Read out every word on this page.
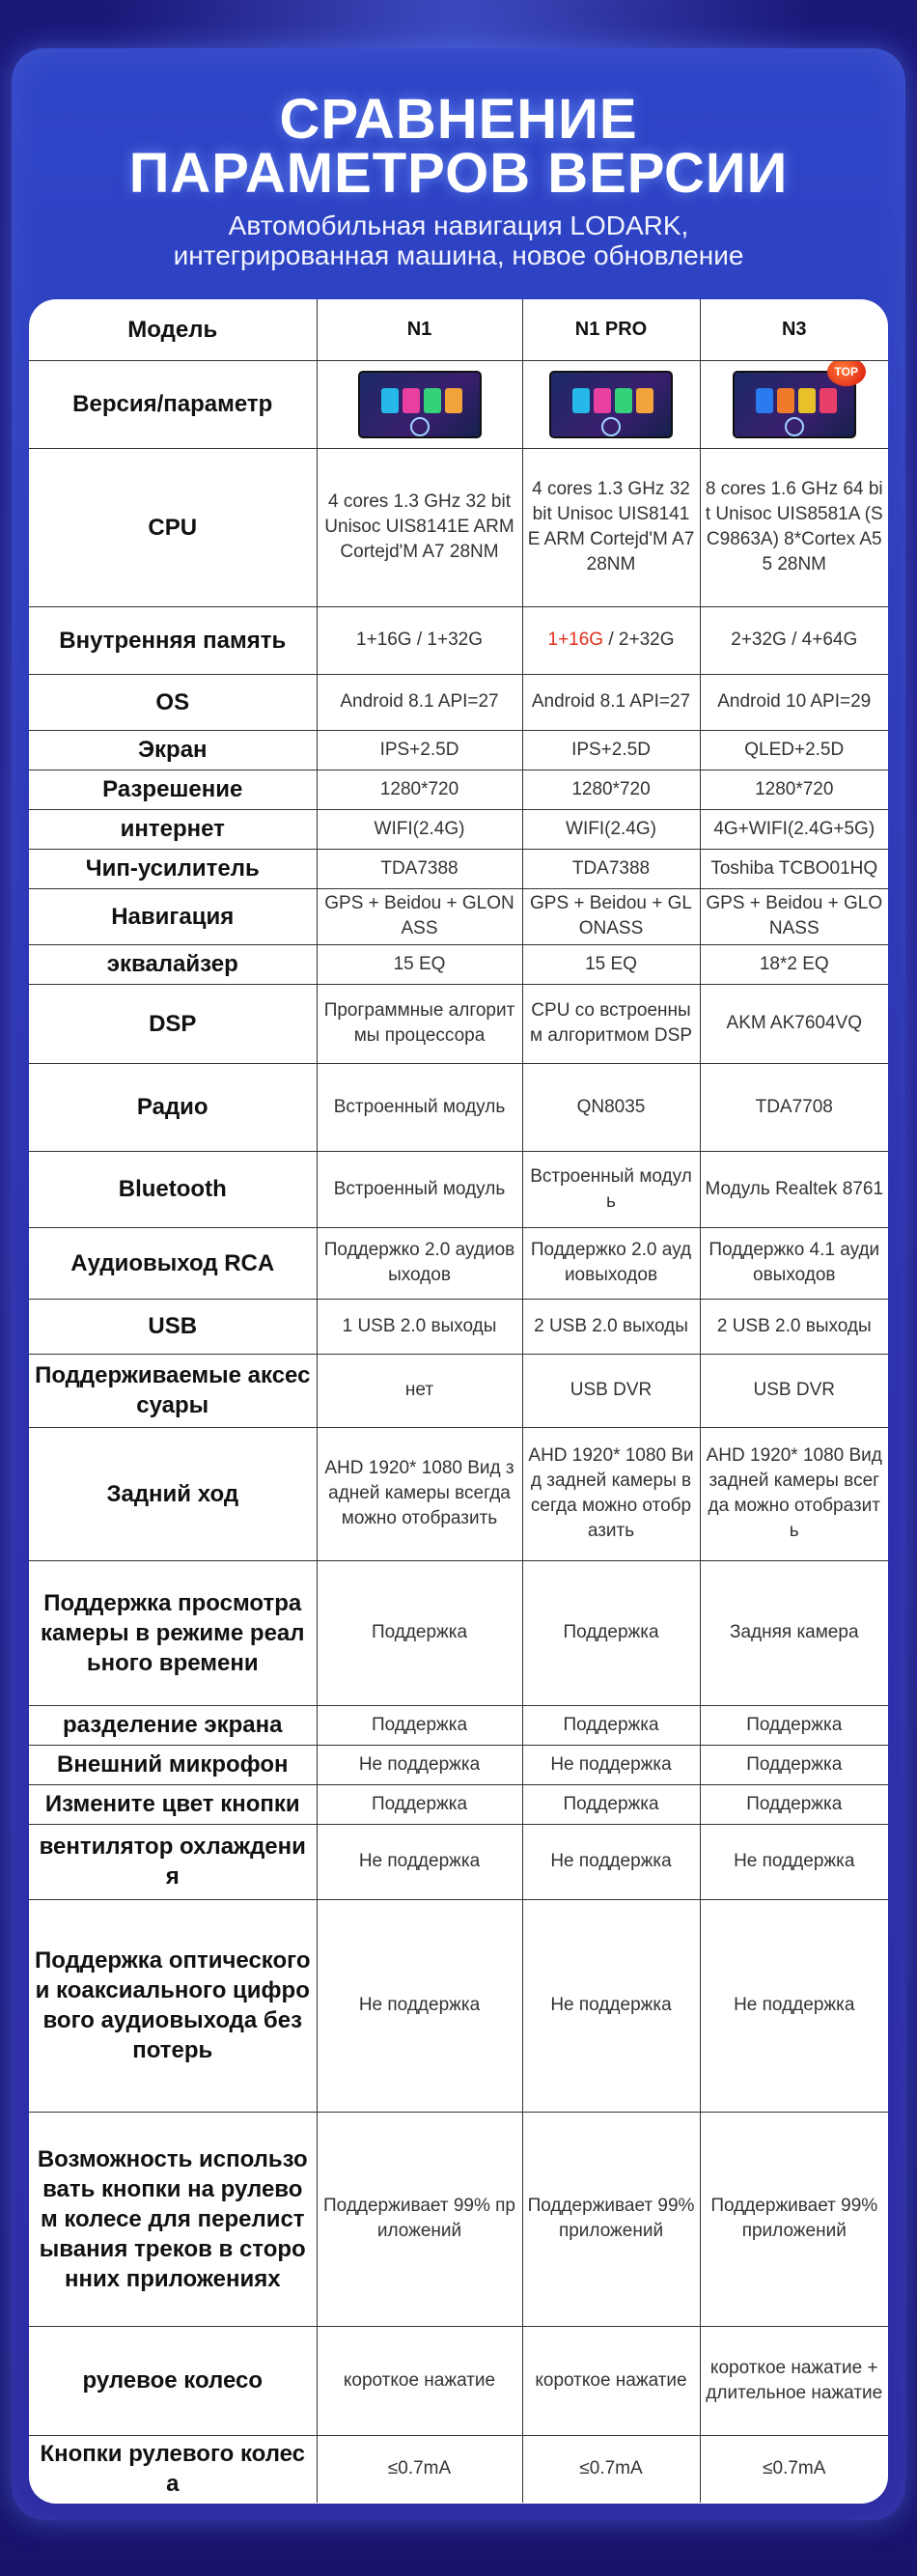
СРАВНЕНИЕ
ПАРАМЕТРОВ ВЕРСИИ
Автомобильная навигация LODARK,
интегрированная машина, новое обновление
Модель	N1	N1 PRO	N3
Версия/параметр			TOP

CPU	4 cores 1.3 GHz 32 bit Unisoc UIS8141E ARM Cortejd'M A7 28NM	4 cores 1.3 GHz 32 bit Unisoc UIS8141E ARM Cortejd'M A7 28NM	8 cores 1.6 GHz 64 bit Unisoc UIS8581A (SC9863A) 8*Cortex A55 28NM
Внутренняя память	1+16G / 1+32G	1+16G / 2+32G	2+32G / 4+64G
OS	Android 8.1 API=27	Android 8.1 API=27	Android 10 API=29
Экран	IPS+2.5D	IPS+2.5D	QLED+2.5D
Разрешение	1280*720	1280*720	1280*720
интернет	WIFI(2.4G)	WIFI(2.4G)	4G+WIFI(2.4G+5G)
Чип-усилитель	TDA7388	TDA7388	Toshiba TCBO01HQ
Навигация	GPS + Beidou + GLONASS	GPS + Beidou + GLONASS	GPS + Beidou + GLONASS
эквалайзер	15 EQ	15 EQ	18*2 EQ
DSP	Программные алгоритмы процессора	CPU со встроенным алгоритмом DSP	AKM AK7604VQ
Радио	Встроенный модуль	QN8035	TDA7708
Bluetooth	Встроенный модуль	Встроенный модуль	Модуль Realtek 8761
Аудиовыход RCA	Поддержко 2.0 аудиовыходов	Поддержко 2.0 аудиовыходов	Поддержко 4.1 аудиовыходов
USB	1 USB 2.0 выходы	2 USB 2.0 выходы	2 USB 2.0 выходы
Поддерживаемые аксессуары	нет	USB DVR	USB DVR
Задний ход	AHD 1920* 1080 Вид задней камеры всегда можно отобразить	AHD 1920* 1080 Вид задней камеры всегда можно отобразить	AHD 1920* 1080 Вид задней камеры всегда можно отобразить
Поддержка просмотра камеры в режиме реального времени	Поддержка	Поддержка	Задняя камера
разделение экрана	Поддержка	Поддержка	Поддержка
Внешний микрофон	Не поддержка	Не поддержка	Поддержка
Измените цвет кнопки	Поддержка	Поддержка	Поддержка
вентилятор охлаждения	Не поддержка	Не поддержка	Не поддержка
Поддержка оптического и коаксиального цифрового аудиовыхода без потерь	Не поддержка	Не поддержка	Не поддержка
Возможность использовать кнопки на рулевом колесе для перелистывания треков в сторонних приложениях	Поддерживает 99% приложений	Поддерживает 99% приложений	Поддерживает 99% приложений
рулевое колесо	короткое нажатие	короткое нажатие	короткое нажатие + длительное нажатие
Кнопки рулевого колеса	≤0.7mA	≤0.7mA	≤0.7mA
